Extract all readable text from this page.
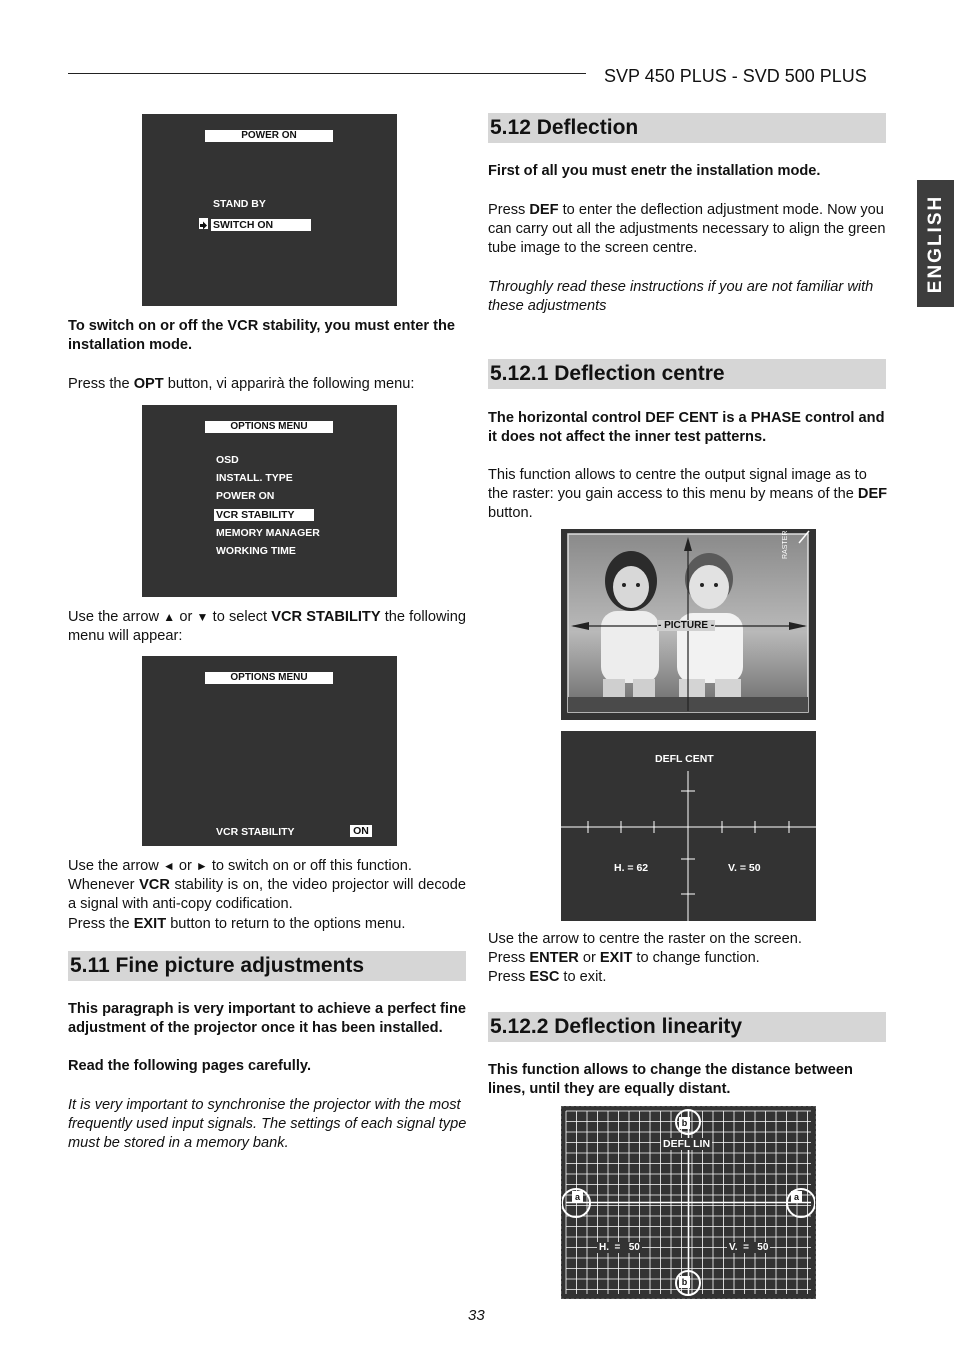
SVP 450 PLUS - SVD 500 PLUS
ENGLISH
POWER ON
STAND BY
SWITCH ON
To switch on or off the VCR stability, you must enter the installation mode.
Press the OPT button, vi apparirà the following menu:
OPTIONS MENU
OSD
INSTALL. TYPE
POWER ON
VCR STABILITY
MEMORY MANAGER
WORKING TIME
Use the arrow ▲ or ▼ to select VCR STABILITY the following menu will appear:
OPTIONS MENU
VCR STABILITY	ON
Use the arrow ◄ or ► to switch on or off this function.
Whenever VCR stability is on, the video projector will decode a signal with anti-copy codification.
Press the EXIT button to return to the options menu.
5.11 Fine picture adjustments
This paragraph is very important to achieve a perfect fine adjustment of the projector once it has been installed.
Read the following pages carefully.
It is very important to synchronise the projector with the most frequently used input signals. The settings of each signal type must be stored in a memory bank.
5.12 Deflection
First of all you must enetr the installation mode.
Press DEF to enter the deflection adjustment mode. Now you can carry out all the adjustments necessary to align the green tube image to the screen centre.
Throughly read these instructions if you are not familiar with these adjustments
5.12.1 Deflection centre
The horizontal control DEF CENT is a PHASE control and it does not affect the inner test patterns.
This function allows to centre the output signal image as to the raster: you gain access to this menu by means of the DEF button.
- PICTURE -
RASTER
DEFL CENT
H. = 62	V. = 50
Use the arrow to centre the raster on the screen.
Press ENTER or EXIT to change function.
Press ESC to exit.
5.12.2 Deflection linearity
This function allows to change the distance between lines, until they are equally distant.
DEFL LIN
H.  =   50	V.  =   50
b
b
a	a
33
